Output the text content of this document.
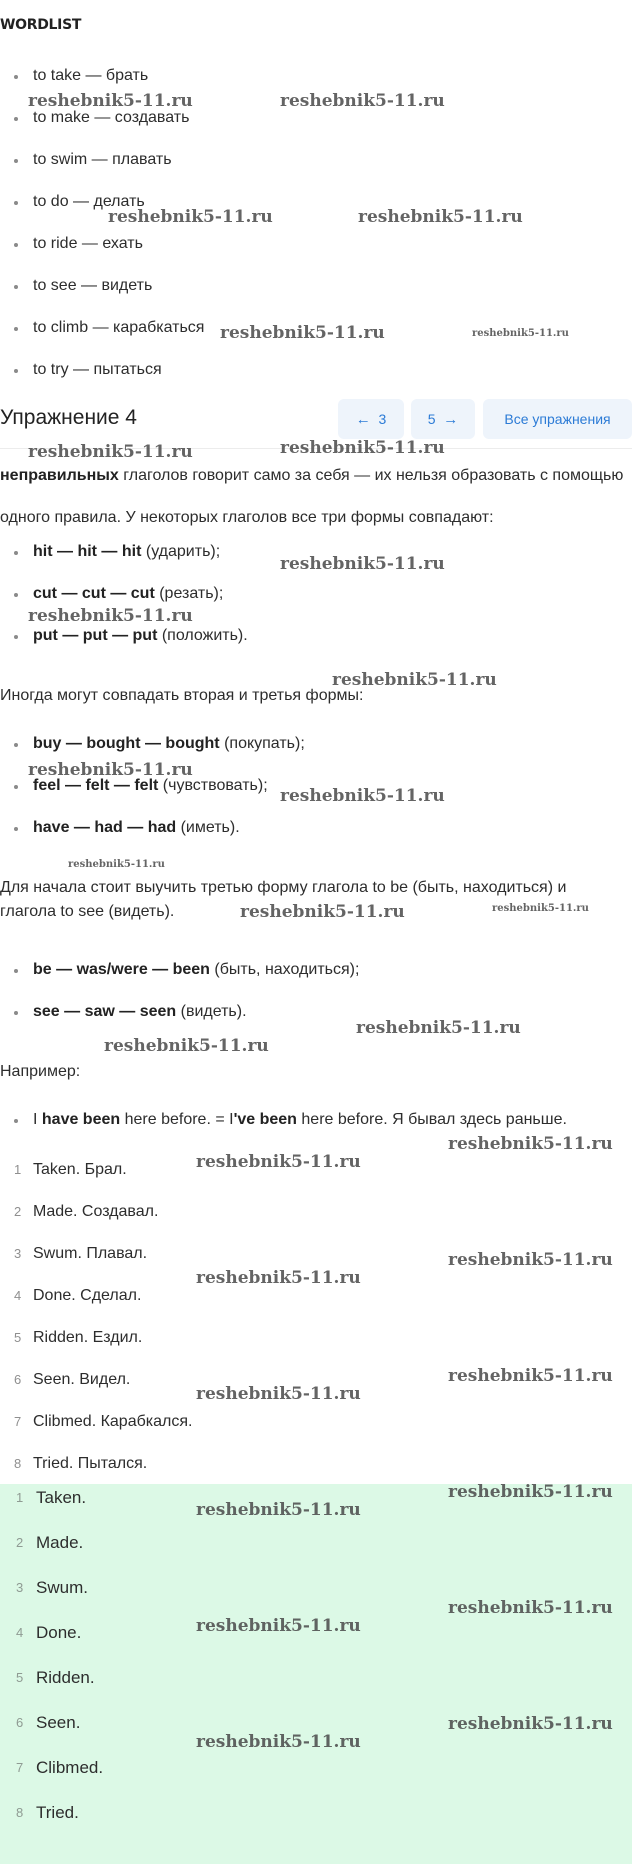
WORDLIST
to take — брать
to make — создавать
to swim — плавать
to do — делать
to ride — ехать
to see — видеть
to climb — карабкаться
to try — пытаться
Упражнение 4	← 3	5 →	Все упражнения
неправильных глаголов говорит само за себя — их нельзя образовать с помощью одного правила. У некоторых глаголов все три формы совпадают:
hit — hit — hit (ударить);
cut — cut — cut (резать);
put — put — put (положить).
Иногда могут совпадать вторая и третья формы:
buy — bought — bought (покупать);
feel — felt — felt (чувствовать);
have — had — had (иметь).
Для начала стоит выучить третью форму глагола to be (быть, находиться) и глагола to see (видеть).
be — was/were — been (быть, находиться);
see — saw — seen (видеть).
Например:
I have been here before. = I've been here before. Я бывал здесь раньше.
1 Taken. Брал.
2 Made. Создавал.
3 Swum. Плавал.
4 Done. Сделал.
5 Ridden. Ездил.
6 Seen. Видел.
7 Clibmed. Карабкался.
8 Tried. Пытался.
1 Taken.
2 Made.
3 Swum.
4 Done.
5 Ridden.
6 Seen.
7 Clibmed.
8 Tried.
reshebnik5-11.ru	reshebnik5-11.ru
reshebnik5-11.ru	reshebnik5-11.ru
reshebnik5-11.ru	reshebnik5-11.ru
reshebnik5-11.ru	reshebnik5-11.ru
reshebnik5-11.ru
reshebnik5-11.ru
reshebnik5-11.ru
reshebnik5-11.ru
reshebnik5-11.ru
reshebnik5-11.ru
reshebnik5-11.ru	reshebnik5-11.ru
reshebnik5-11.ru
reshebnik5-11.ru
reshebnik5-11.ru
reshebnik5-11.ru
reshebnik5-11.ru
reshebnik5-11.ru
reshebnik5-11.ru
reshebnik5-11.ru
reshebnik5-11.ru
reshebnik5-11.ru
reshebnik5-11.ru
reshebnik5-11.ru
reshebnik5-11.ru
reshebnik5-11.ru
